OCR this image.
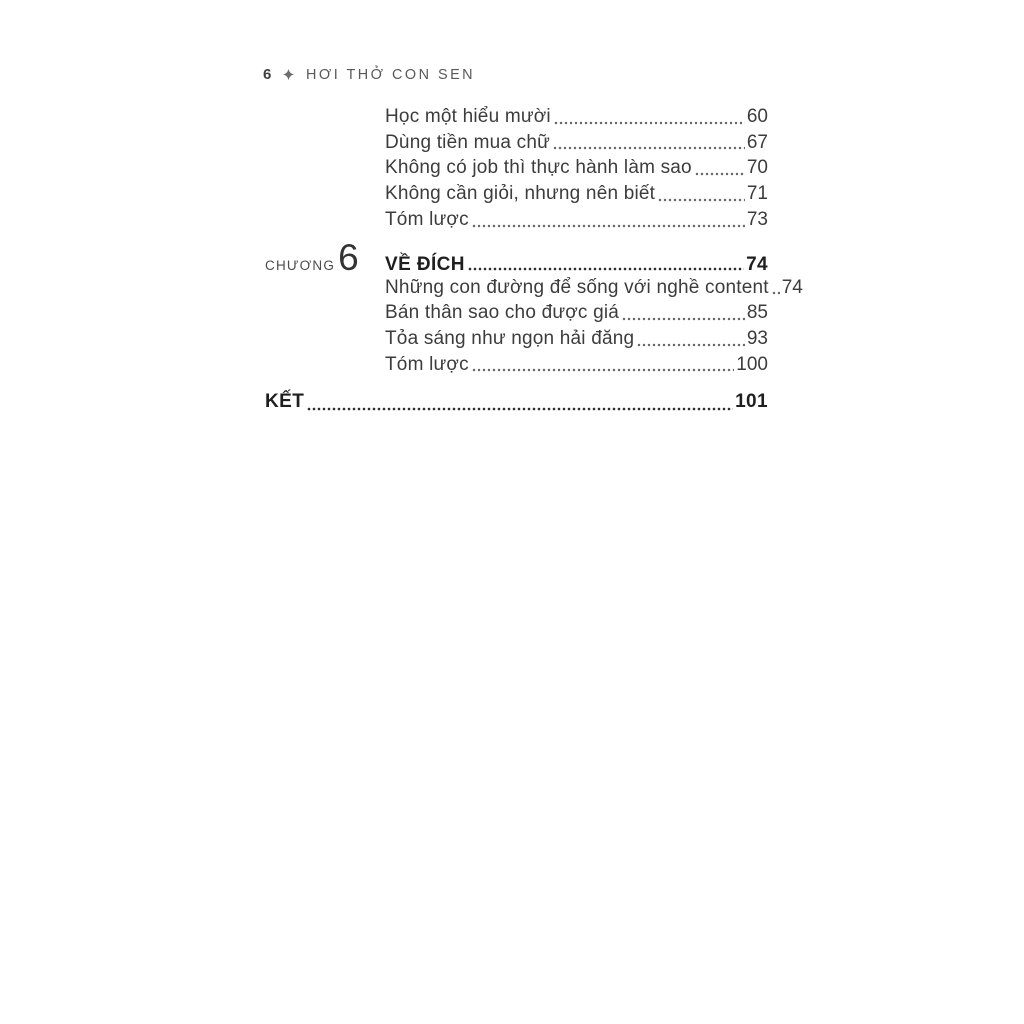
6 HƠI THỞ CON SEN
Học một hiểu mười	60
Dùng tiền mua chữ	67
Không có job thì thực hành làm sao	70
Không cần giỏi, nhưng nên biết	71
Tóm lược	73
CHƯƠNG 6 VỀ ĐÍCH	74
Những con đường để sống với nghề content 74
Bán thân sao cho được giá	85
Tỏa sáng như ngọn hải đăng	93
Tóm lược	100
KẾT	101
